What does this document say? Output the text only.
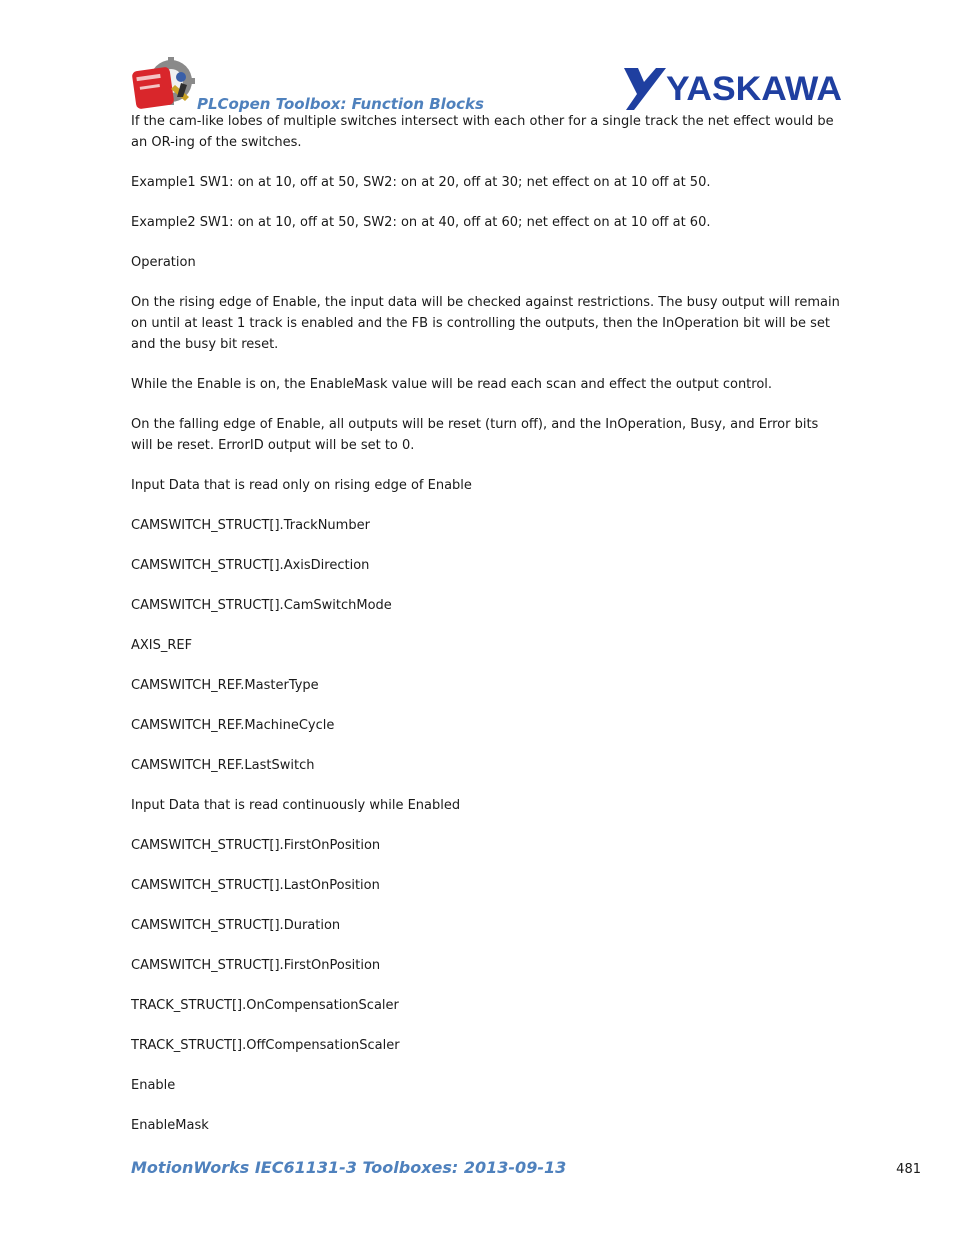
PLCopen Toolbox: Function Blocks	YASKAWA

If the cam-like lobes of multiple switches intersect with each other for a single track the net effect would be an OR-ing of the switches.

Example1 SW1: on at 10, off at 50, SW2: on at 20, off at 30; net effect on at 10 off at 50.

Example2 SW1: on at 10, off at 50, SW2: on at 40, off at 60; net effect on at 10 off at 60.

Operation

On the rising edge of Enable, the input data will be checked against restrictions. The busy output will remain on until at least 1 track is enabled and the FB is controlling the outputs, then the InOperation bit will be set and the busy bit reset.

While the Enable is on, the EnableMask value will be read each scan and effect the output control.

On the falling edge of Enable, all outputs will be reset (turn off), and the InOperation, Busy, and Error bits will be reset. ErrorID output will be set to 0.

Input Data that is read only on rising edge of Enable

CAMSWITCH_STRUCT[].TrackNumber

CAMSWITCH_STRUCT[].AxisDirection

CAMSWITCH_STRUCT[].CamSwitchMode

AXIS_REF

CAMSWITCH_REF.MasterType

CAMSWITCH_REF.MachineCycle

CAMSWITCH_REF.LastSwitch

Input Data that is read continuously while Enabled

CAMSWITCH_STRUCT[].FirstOnPosition

CAMSWITCH_STRUCT[].LastOnPosition

CAMSWITCH_STRUCT[].Duration

CAMSWITCH_STRUCT[].FirstOnPosition

TRACK_STRUCT[].OnCompensationScaler

TRACK_STRUCT[].OffCompensationScaler

Enable

EnableMask

MotionWorks IEC61131-3 Toolboxes: 2013-09-13	481
